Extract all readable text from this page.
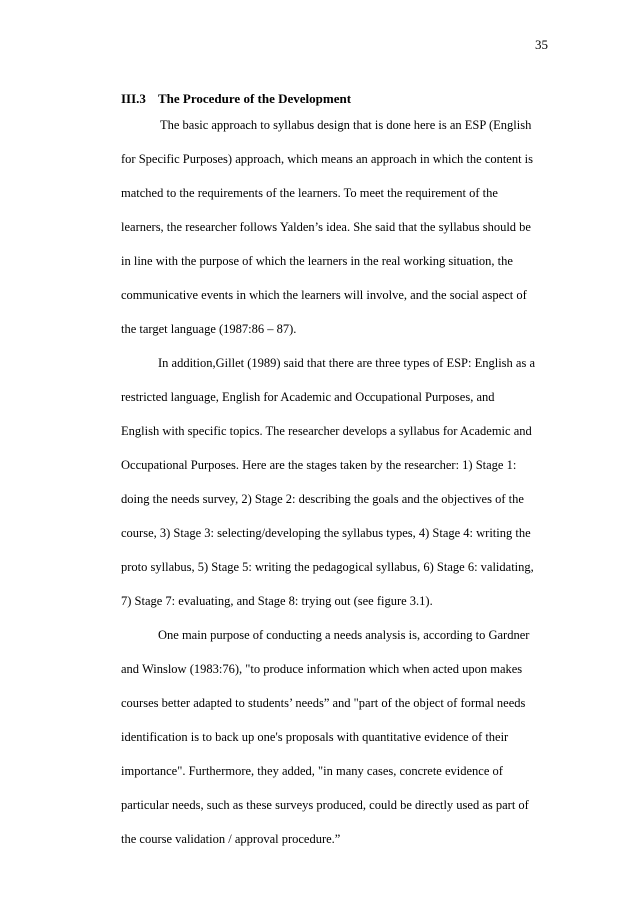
35
III.3 The Procedure of the Development
The basic approach to syllabus design that is done here is an ESP (English
for Specific Purposes) approach, which means an approach in which the content is
matched to the requirements of the learners. To meet the requirement of the
learners, the researcher follows Yalden’s idea. She said that the syllabus should be
in line with the purpose of which the learners in the real working situation, the
communicative events in which the learners will involve, and the social aspect of
the target language (1987:86 – 87).
In addition,Gillet (1989) said that there are three types of ESP: English as a
restricted language, English for Academic and Occupational Purposes, and
English with specific topics. The researcher develops a syllabus for Academic and
Occupational Purposes. Here are the stages taken by the researcher: 1) Stage 1:
doing the needs survey, 2) Stage 2: describing the goals and the objectives of the
course, 3) Stage 3: selecting/developing the syllabus types, 4) Stage 4: writing the
proto syllabus, 5) Stage 5: writing the pedagogical syllabus, 6) Stage 6: validating,
7) Stage 7: evaluating, and Stage 8: trying out (see figure 3.1).
One main purpose of conducting a needs analysis is, according to Gardner
and Winslow (1983:76), "to produce information which when acted upon makes
courses better adapted to students’ needs” and "part of the object of formal needs
identification is to back up one's proposals with quantitative evidence of their
importance". Furthermore, they added, "in many cases, concrete evidence of
particular needs, such as these surveys produced, could be directly used as part of
the course validation / approval procedure.”
